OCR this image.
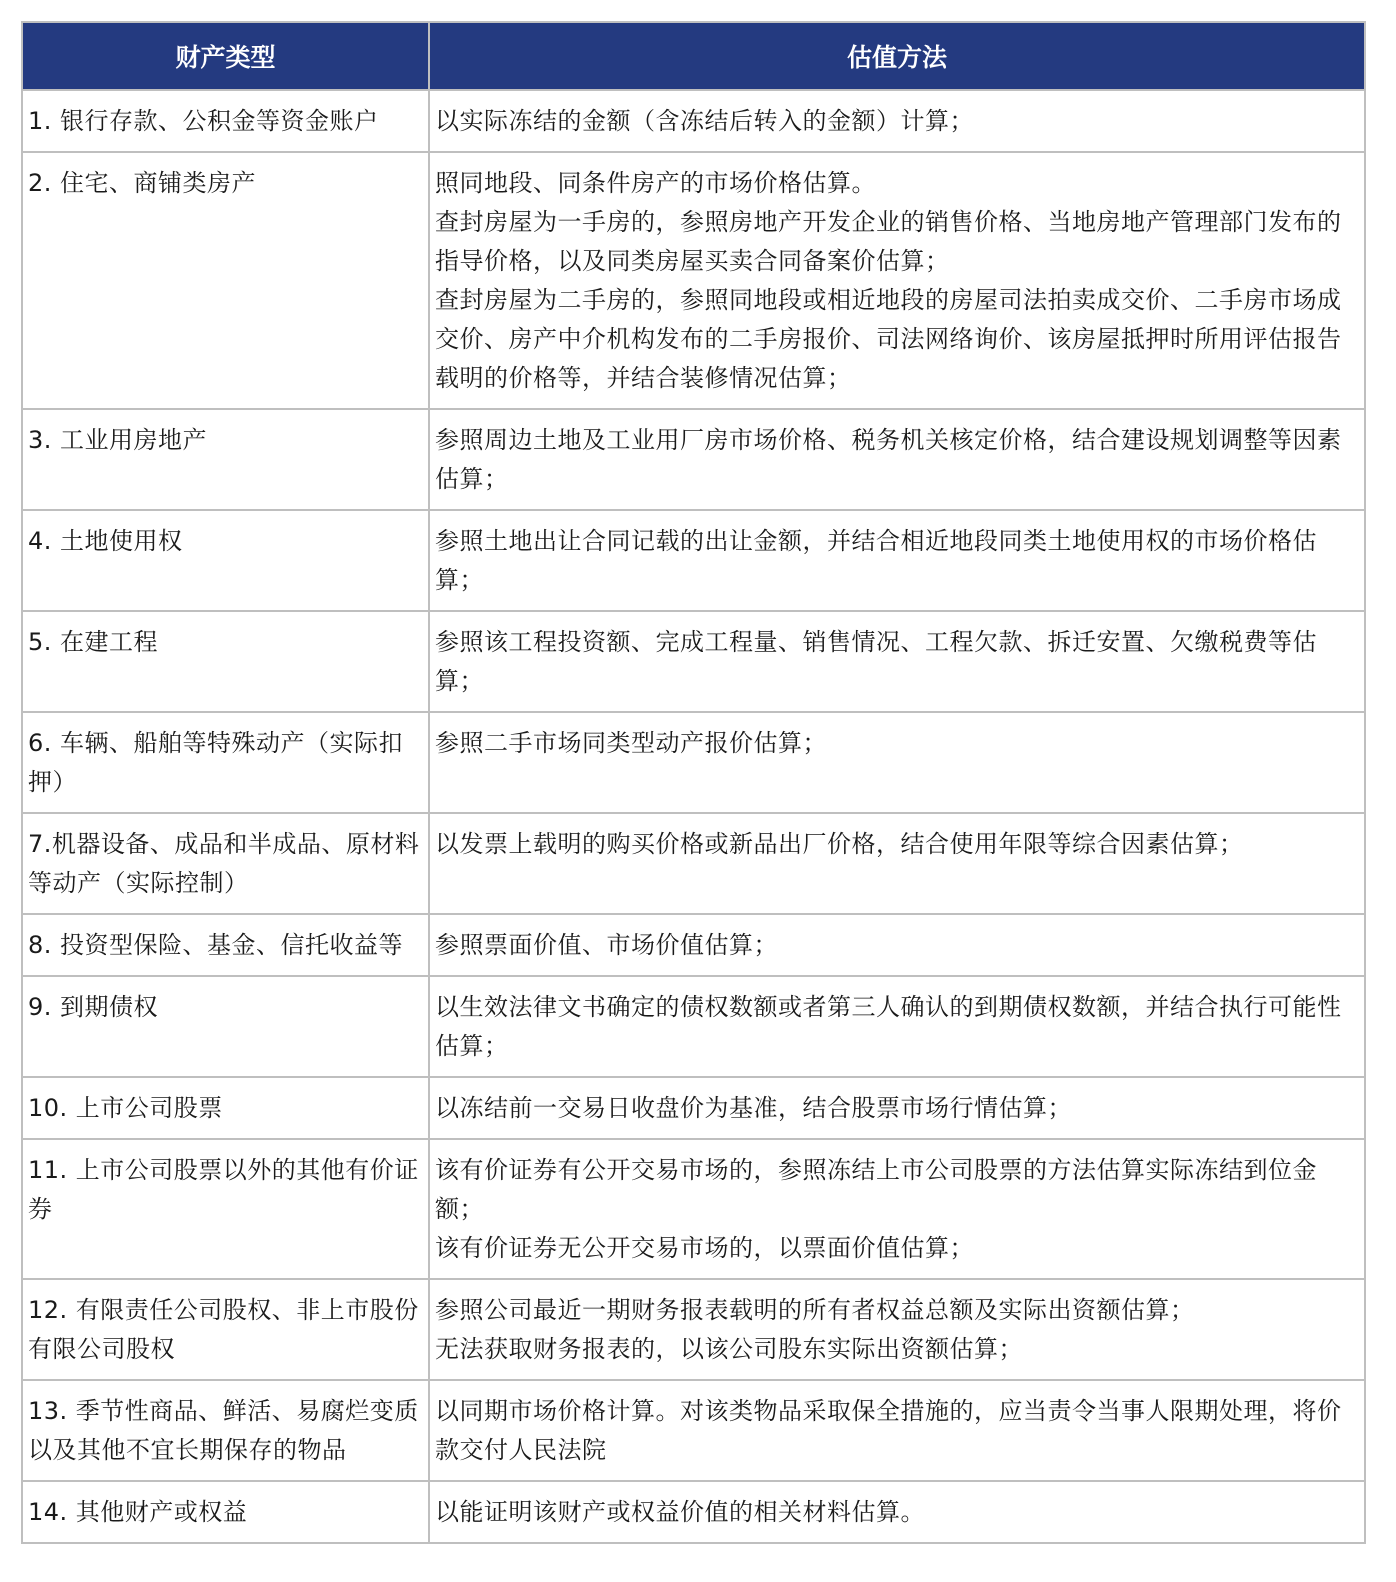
财产类型	估值方法
1. 银行存款、公积金等资金账户	以实际冻结的金额（含冻结后转入的金额）计算；

2. 住宅、商铺类房产	照同地段、同条件房产的市场价格估算。
查封房屋为一手房的，参照房地产开发企业的销售价格、当地房地产管理部门发布的指导价格，以及同类房屋买卖合同备案价估算；
查封房屋为二手房的，参照同地段或相近地段的房屋司法拍卖成交价、二手房市场成交价、房产中介机构发布的二手房报价、司法网络询价、该房屋抵押时所用评估报告载明的价格等，并结合装修情况估算；

3. 工业用房地产	参照周边土地及工业用厂房市场价格、税务机关核定价格，结合建设规划调整等因素估算；

4. 土地使用权	参照土地出让合同记载的出让金额，并结合相近地段同类土地使用权的市场价格估算；

5. 在建工程	参照该工程投资额、完成工程量、销售情况、工程欠款、拆迁安置、欠缴税费等估算；

6. 车辆、船舶等特殊动产（实际扣押）	参照二手市场同类型动产报价估算；

7.机器设备、成品和半成品、原材料等动产（实际控制）	以发票上载明的购买价格或新品出厂价格，结合使用年限等综合因素估算；

8. 投资型保险、基金、信托收益等	参照票面价值、市场价值估算；

9. 到期债权	以生效法律文书确定的债权数额或者第三人确认的到期债权数额，并结合执行可能性估算；

10. 上市公司股票	以冻结前一交易日收盘价为基准，结合股票市场行情估算；

11. 上市公司股票以外的其他有价证券	该有价证券有公开交易市场的，参照冻结上市公司股票的方法估算实际冻结到位金额；
该有价证券无公开交易市场的，以票面价值估算；

12. 有限责任公司股权、非上市股份有限公司股权	参照公司最近一期财务报表载明的所有者权益总额及实际出资额估算；
无法获取财务报表的，以该公司股东实际出资额估算；

13. 季节性商品、鲜活、易腐烂变质以及其他不宜长期保存的物品	以同期市场价格计算。对该类物品采取保全措施的，应当责令当事人限期处理，将价款交付人民法院

14. 其他财产或权益	以能证明该财产或权益价值的相关材料估算。
